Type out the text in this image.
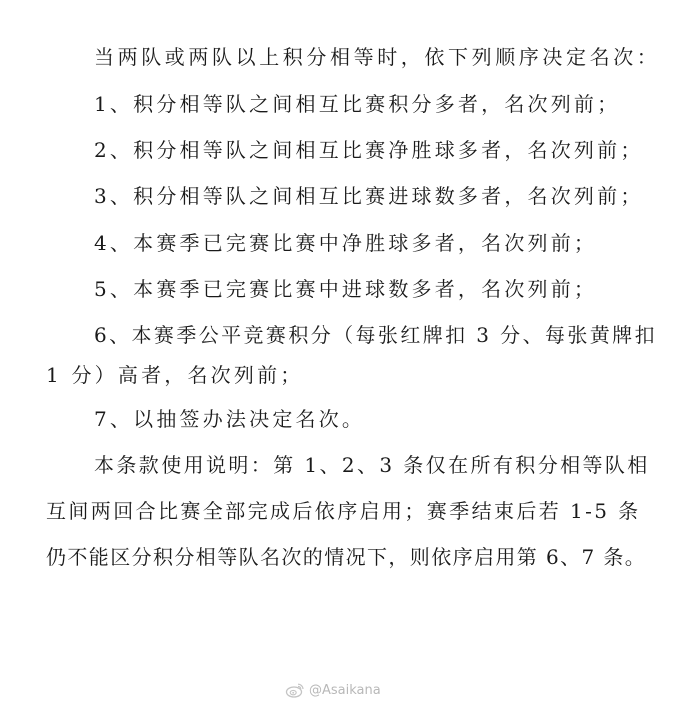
当两队或两队以上积分相等时，依下列顺序决定名次：
1、积分相等队之间相互比赛积分多者，名次列前；
2、积分相等队之间相互比赛净胜球多者，名次列前；
3、积分相等队之间相互比赛进球数多者，名次列前；
4、本赛季已完赛比赛中净胜球多者，名次列前；
5、本赛季已完赛比赛中进球数多者，名次列前；
6、本赛季公平竞赛积分（每张红牌扣 3 分、每张黄牌扣
1 分）高者，名次列前；
7、以抽签办法决定名次。
本条款使用说明：第 1、2、3 条仅在所有积分相等队相
互间两回合比赛全部完成后依序启用；赛季结束后若 1-5 条
仍不能区分积分相等队名次的情况下，则依序启用第 6、7 条。
@Asaikana
